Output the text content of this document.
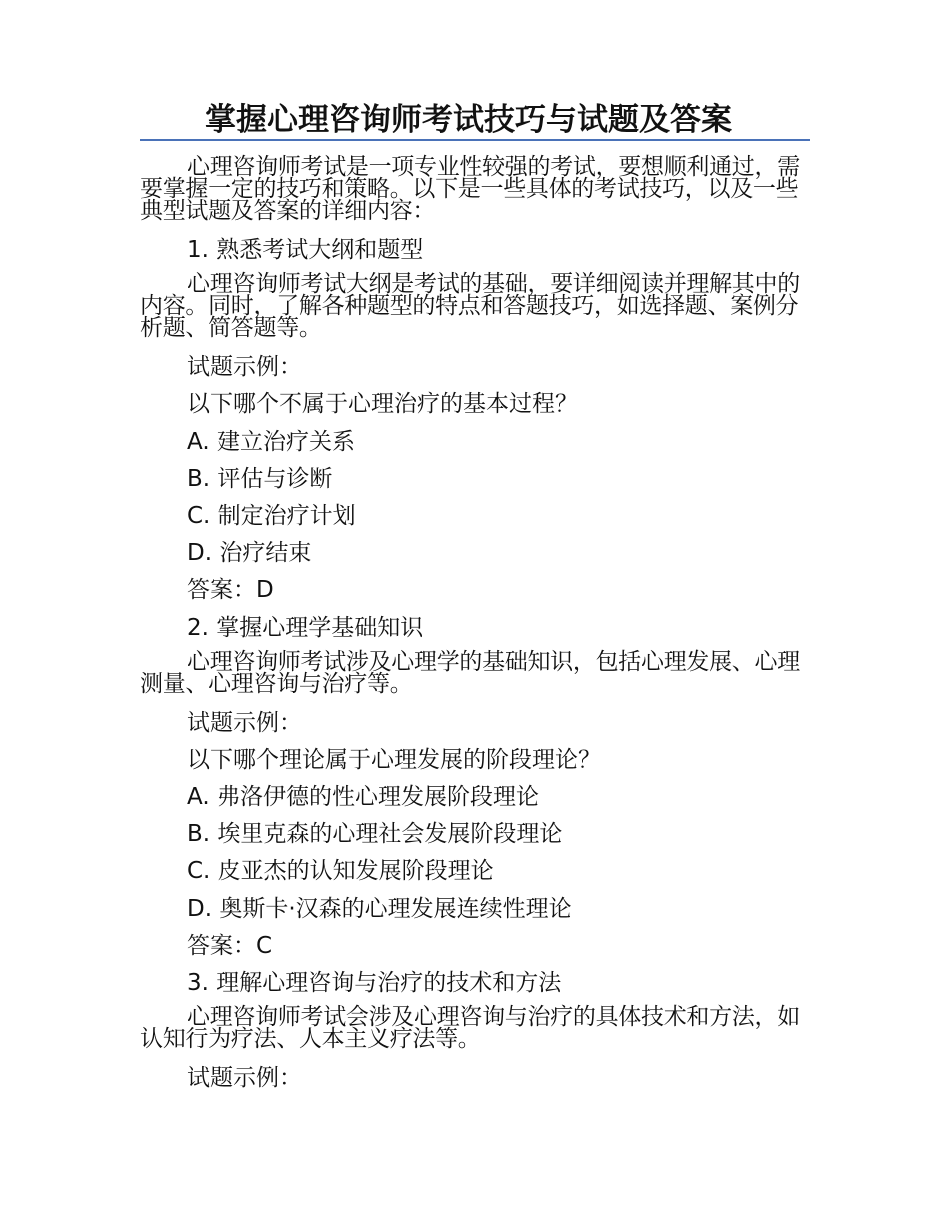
掌握心理咨询师考试技巧与试题及答案

心理咨询师考试是一项专业性较强的考试，要想顺利通过，需要掌握一定的技巧和策略。以下是一些具体的考试技巧，以及一些典型试题及答案的详细内容：

1. 熟悉考试大纲和题型

心理咨询师考试大纲是考试的基础，要详细阅读并理解其中的内容。同时，了解各种题型的特点和答题技巧，如选择题、案例分析题、简答题等。

试题示例：
以下哪个不属于心理治疗的基本过程？
A. 建立治疗关系
B. 评估与诊断
C. 制定治疗计划
D. 治疗结束
答案：D
2. 掌握心理学基础知识

心理咨询师考试涉及心理学的基础知识，包括心理发展、心理测量、心理咨询与治疗等。

试题示例：
以下哪个理论属于心理发展的阶段理论？
A. 弗洛伊德的性心理发展阶段理论
B. 埃里克森的心理社会发展阶段理论
C. 皮亚杰的认知发展阶段理论
D. 奥斯卡·汉森的心理发展连续性理论
答案：C
3. 理解心理咨询与治疗的技术和方法

心理咨询师考试会涉及心理咨询与治疗的具体技术和方法，如认知行为疗法、人本主义疗法等。

试题示例：
